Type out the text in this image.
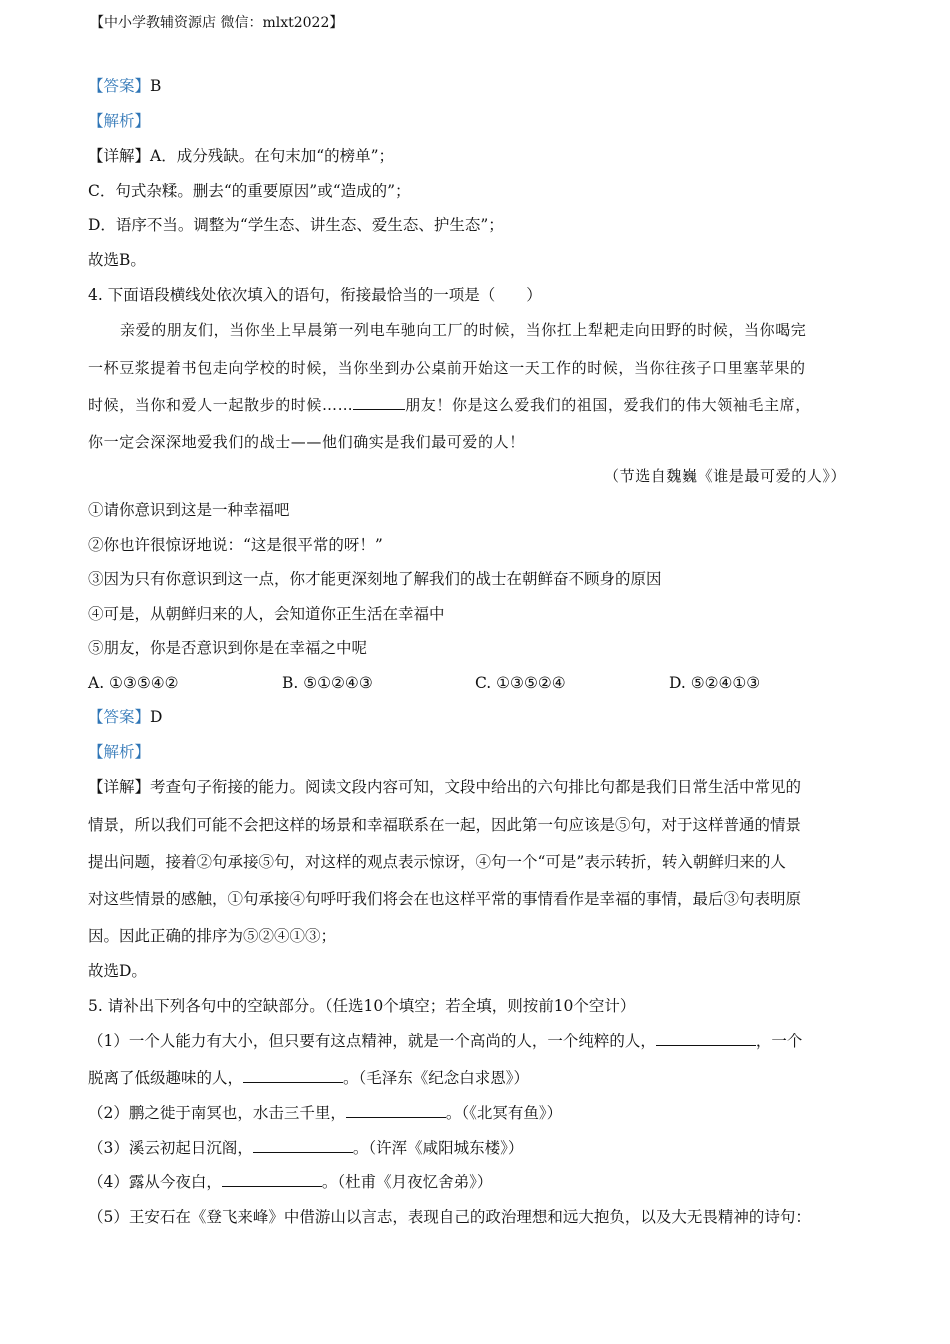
【中小学教辅资源店 微信：mlxt2022】
【答案】B
【解析】
【详解】A．成分残缺。在句末加“的榜单”；
C．句式杂糅。删去“的重要原因”或“造成的”；
D．语序不当。调整为“学生态、讲生态、爱生态、护生态”；
故选B。
4. 下面语段横线处依次填入的语句，衔接最恰当的一项是（　　）
亲爱的朋友们，当你坐上早晨第一列电车驰向工厂的时候，当你扛上犁耙走向田野的时候，当你喝完
一杯豆浆提着书包走向学校的时候，当你坐到办公桌前开始这一天工作的时候，当你往孩子口里塞苹果的
时候，当你和爱人一起散步的时候……	朋友！你是这么爱我们的祖国，爱我们的伟大领袖毛主席，
你一定会深深地爱我们的战士——他们确实是我们最可爱的人！
（节选自魏巍《谁是最可爱的人》）
①请你意识到这是一种幸福吧
②你也许很惊讶地说：“这是很平常的呀！”
③因为只有你意识到这一点，你才能更深刻地了解我们的战士在朝鲜奋不顾身的原因
④可是，从朝鲜归来的人，会知道你正生活在幸福中
⑤朋友，你是否意识到你是在幸福之中呢
A. ①③⑤④②	B. ⑤①②④③	C. ①③⑤②④	D. ⑤②④①③
【答案】D
【解析】
【详解】考查句子衔接的能力。阅读文段内容可知，文段中给出的六句排比句都是我们日常生活中常见的
情景，所以我们可能不会把这样的场景和幸福联系在一起，因此第一句应该是⑤句，对于这样普通的情景
提出问题，接着②句承接⑤句，对这样的观点表示惊讶，④句一个“可是”表示转折，转入朝鲜归来的人
对这些情景的感触，①句承接④句呼吁我们将会在也这样平常的事情看作是幸福的事情，最后③句表明原
因。因此正确的排序为⑤②④①③；
故选D。
5. 请补出下列各句中的空缺部分。（任选10个填空；若全填，则按前10个空计）
（1）一个人能力有大小，但只要有这点精神，就是一个高尚的人，一个纯粹的人，	，一个
脱离了低级趣味的人，	。（毛泽东《纪念白求恩》）
（2）鹏之徙于南冥也，水击三千里，	。（《北冥有鱼》）
（3）溪云初起日沉阁，	。（许浑《咸阳城东楼》）
（4）露从今夜白，	。（杜甫《月夜忆舍弟》）
（5）王安石在《登飞来峰》中借游山以言志，表现自己的政治理想和远大抱负，以及大无畏精神的诗句：
